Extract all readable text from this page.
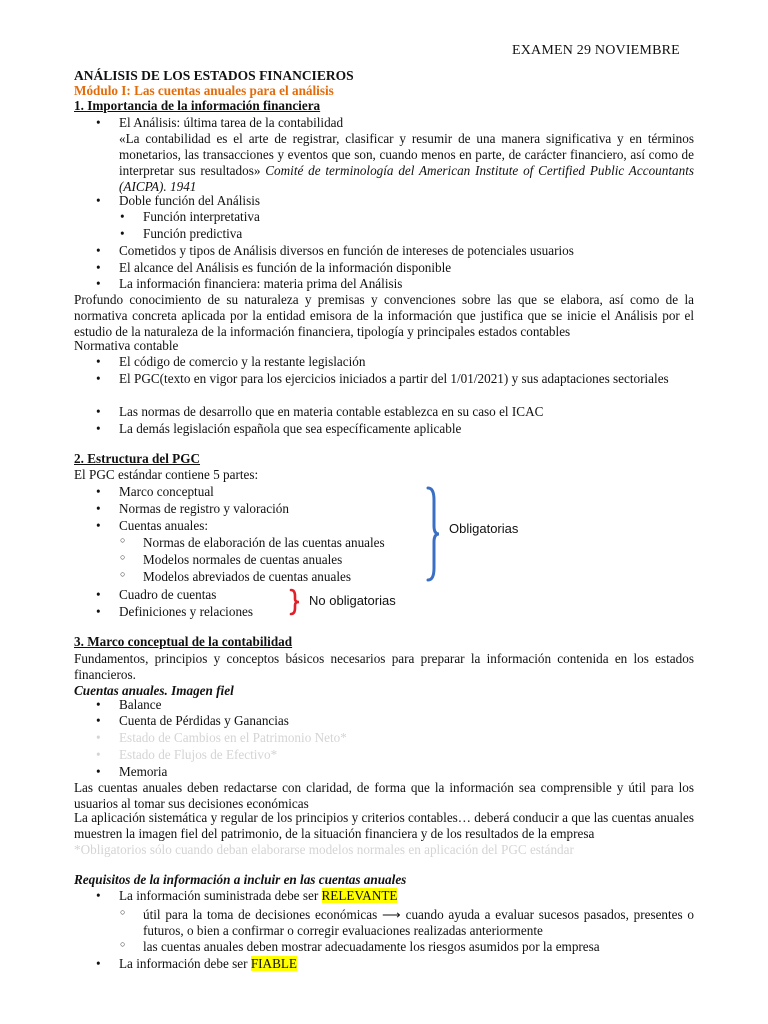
EXAMEN 29 NOVIEMBRE
ANÁLISIS DE LOS ESTADOS FINANCIEROS
Módulo I: Las cuentas anuales para el análisis
1. Importancia de la información financiera
• El Análisis: última tarea de la contabilidad
«La contabilidad es el arte de registrar, clasificar y resumir de una manera significativa y en términos monetarios, las transacciones y eventos que son, cuando menos en parte, de carácter financiero, así como de interpretar sus resultados» Comité de terminología del American Institute of Certified Public Accountants (AICPA). 1941
• Doble función del Análisis
• Función interpretativa
• Función predictiva
• Cometidos y tipos de Análisis diversos en función de intereses de potenciales usuarios
• El alcance del Análisis es función de la información disponible
• La información financiera: materia prima del Análisis
Profundo conocimiento de su naturaleza y premisas y convenciones sobre las que se elabora, así como de la normativa concreta aplicada por la entidad emisora de la información que justifica que se inicie el Análisis por el estudio de la naturaleza de la información financiera, tipología y principales estados contables
Normativa contable
• El código de comercio y la restante legislación
• El PGC(texto en vigor para los ejercicios iniciados a partir del 1/01/2021) y sus adaptaciones sectoriales
• Las normas de desarrollo que en materia contable establezca en su caso el ICAC
• La demás legislación española que sea específicamente aplicable
2. Estructura del PGC
El PGC estándar contiene 5 partes:
• Marco conceptual
• Normas de registro y valoración
• Cuentas anuales:
○ Normas de elaboración de las cuentas anuales
○ Modelos normales de cuentas anuales
○ Modelos abreviados de cuentas anuales
• Cuadro de cuentas
• Definiciones y relaciones
Obligatorias
No obligatorias
3. Marco conceptual de la contabilidad
Fundamentos, principios y conceptos básicos necesarios para preparar la información contenida en los estados financieros.
Cuentas anuales. Imagen fiel
• Balance
• Cuenta de Pérdidas y Ganancias
• Estado de Cambios en el Patrimonio Neto*
• Estado de Flujos de Efectivo*
• Memoria
Las cuentas anuales deben redactarse con claridad, de forma que la información sea comprensible y útil para los usuarios al tomar sus decisiones económicas
La aplicación sistemática y regular de los principios y criterios contables… deberá conducir a que las cuentas anuales muestren la imagen fiel del patrimonio, de la situación financiera y de los resultados de la empresa
*Obligatorios sólo cuando deban elaborarse modelos normales en aplicación del PGC estándar
Requisitos de la información a incluir en las cuentas anuales
• La información suministrada debe ser RELEVANTE
○ útil para la toma de decisiones económicas ⟶ cuando ayuda a evaluar sucesos pasados, presentes o futuros, o bien a confirmar o corregir evaluaciones realizadas anteriormente
○ las cuentas anuales deben mostrar adecuadamente los riesgos asumidos por la empresa
• La información debe ser FIABLE
